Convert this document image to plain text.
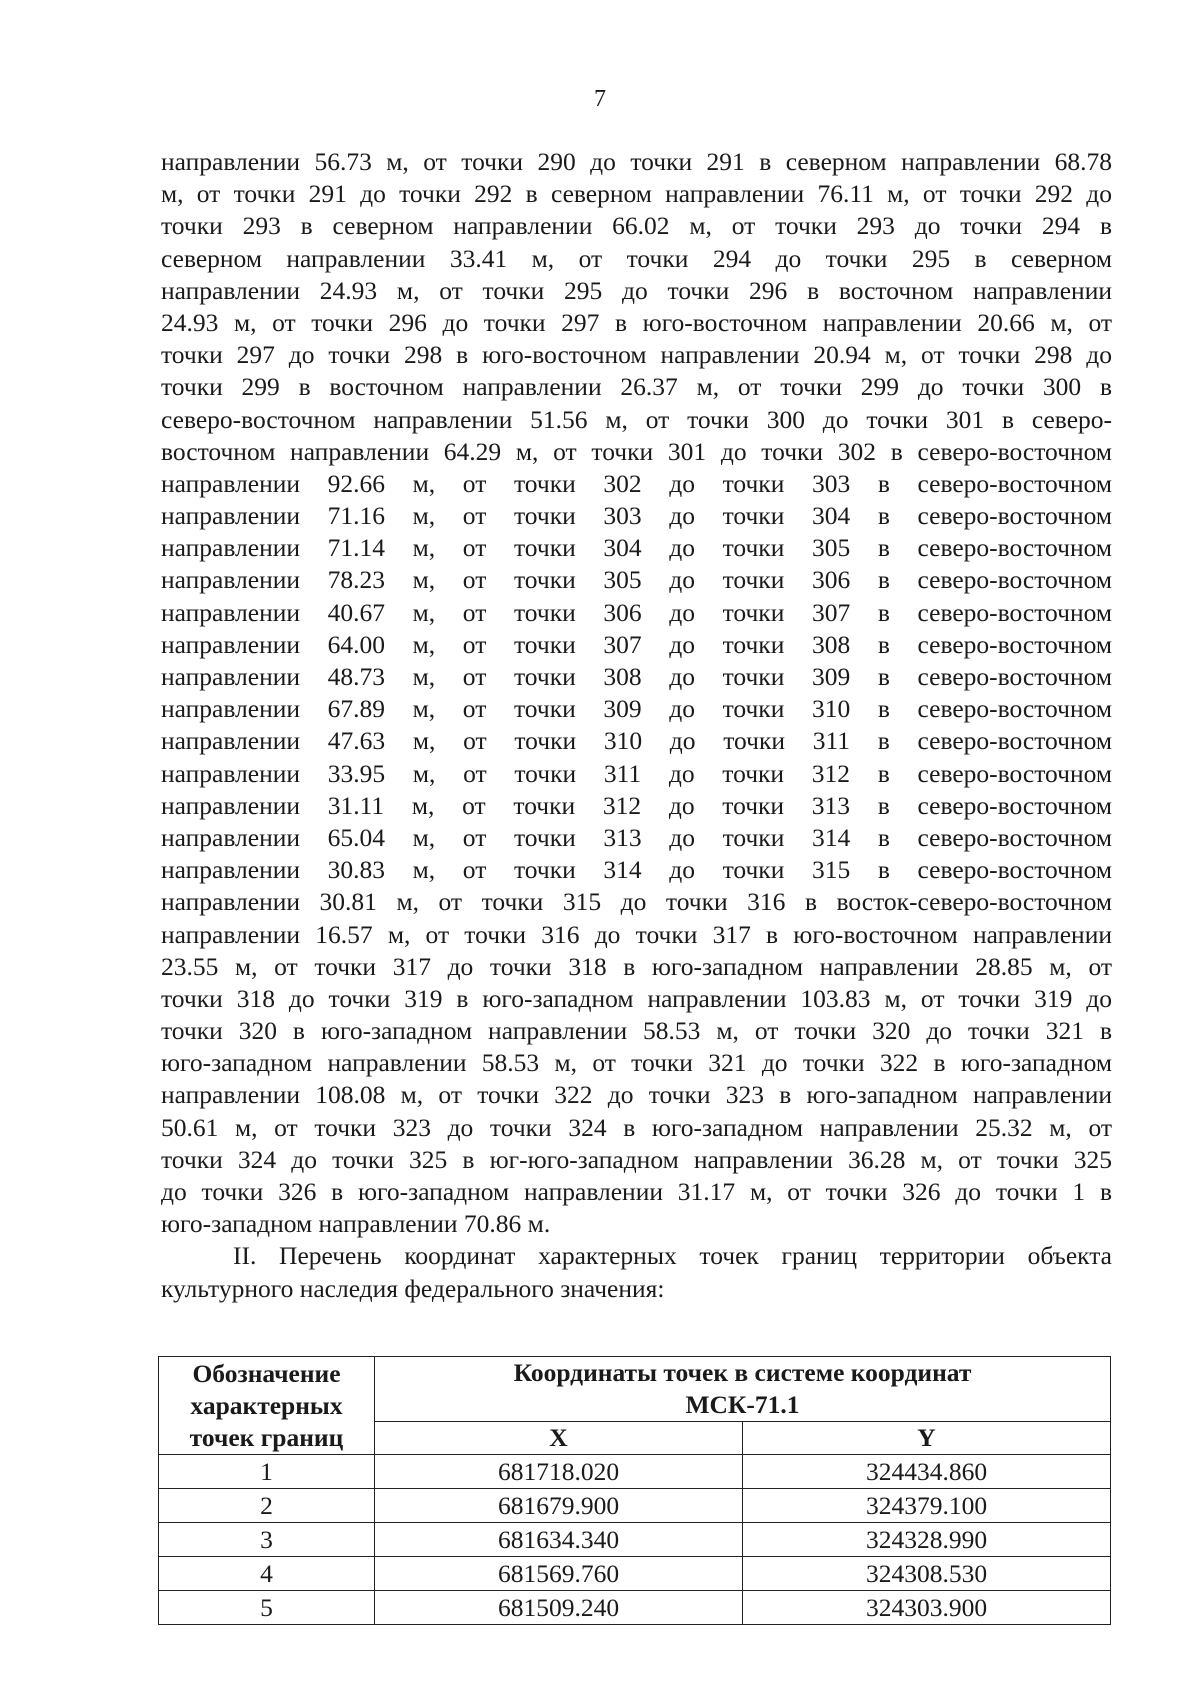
7
направлении 56.73 м, от точки 290 до точки 291 в северном направлении 68.78
м, от точки 291 до точки 292 в северном направлении 76.11 м, от точки 292 до
точки 293 в северном направлении 66.02 м, от точки 293 до точки 294 в
северном направлении 33.41 м, от точки 294 до точки 295 в северном
направлении 24.93 м, от точки 295 до точки 296 в восточном направлении
24.93 м, от точки 296 до точки 297 в юго-восточном направлении 20.66 м, от
точки 297 до точки 298 в юго-восточном направлении 20.94 м, от точки 298 до
точки 299 в восточном направлении 26.37 м, от точки 299 до точки 300 в
северо-восточном направлении 51.56 м, от точки 300 до точки 301 в северо-
восточном направлении 64.29 м, от точки 301 до точки 302 в северо-восточном
направлении 92.66 м, от точки 302 до точки 303 в северо-восточном
направлении 71.16 м, от точки 303 до точки 304 в северо-восточном
направлении 71.14 м, от точки 304 до точки 305 в северо-восточном
направлении 78.23 м, от точки 305 до точки 306 в северо-восточном
направлении 40.67 м, от точки 306 до точки 307 в северо-восточном
направлении 64.00 м, от точки 307 до точки 308 в северо-восточном
направлении 48.73 м, от точки 308 до точки 309 в северо-восточном
направлении 67.89 м, от точки 309 до точки 310 в северо-восточном
направлении 47.63 м, от точки 310 до точки 311 в северо-восточном
направлении 33.95 м, от точки 311 до точки 312 в северо-восточном
направлении 31.11 м, от точки 312 до точки 313 в северо-восточном
направлении 65.04 м, от точки 313 до точки 314 в северо-восточном
направлении 30.83 м, от точки 314 до точки 315 в северо-восточном
направлении 30.81 м, от точки 315 до точки 316 в восток-северо-восточном
направлении 16.57 м, от точки 316 до точки 317 в юго-восточном направлении
23.55 м, от точки 317 до точки 318 в юго-западном направлении 28.85 м, от
точки 318 до точки 319 в юго-западном направлении 103.83 м, от точки 319 до
точки 320 в юго-западном направлении 58.53 м, от точки 320 до точки 321 в
юго-западном направлении 58.53 м, от точки 321 до точки 322 в юго-западном
направлении 108.08 м, от точки 322 до точки 323 в юго-западном направлении
50.61 м, от точки 323 до точки 324 в юго-западном направлении 25.32 м, от
точки 324 до точки 325 в юг-юго-западном направлении 36.28 м, от точки 325
до точки 326 в юго-западном направлении 31.17 м, от точки 326 до точки 1 в
юго-западном направлении 70.86 м.
II. Перечень координат характерных точек границ территории объекта
культурного наследия федерального значения:
Обозначение характерных точек границ	Координаты точек в системе координат
МСК-71.1	
	X	Y
1	681718.020	324434.860
2	681679.900	324379.100
3	681634.340	324328.990
4	681569.760	324308.530
5	681509.240	324303.900
